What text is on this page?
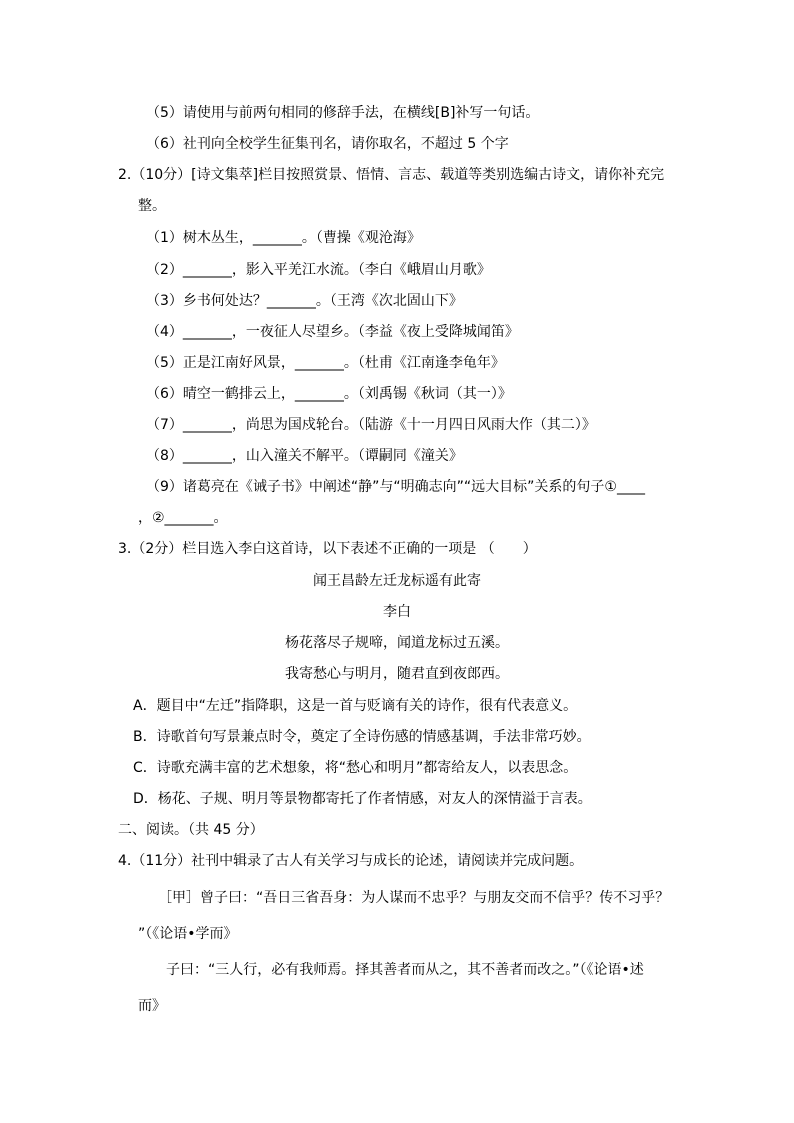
（5）请使用与前两句相同的修辞手法，在横线[B]补写一句话。
（6）社刊向全校学生征集刊名，请你取名，不超过 5 个字
2.（10分）[诗文集萃]栏目按照赏景、悟情、言志、载道等类别选编古诗文，请你补充完
整。
（1）树木丛生，_______。（曹操《观沧海》
（2）_______，影入平羌江水流。（李白《峨眉山月歌》
（3）乡书何处达？_______。（王湾《次北固山下》
（4）_______，一夜征人尽望乡。（李益《夜上受降城闻笛》
（5）正是江南好风景，_______。（杜甫《江南逢李龟年》
（6）晴空一鹤排云上，_______。（刘禹锡《秋词（其一）》
（7）_______，尚思为国戍轮台。（陆游《十一月四日风雨大作（其二）》
（8）_______，山入潼关不解平。（谭嗣同《潼关》
（9）诸葛亮在《诫子书》中阐述“静”与“明确志向”“远大目标”关系的句子①____
，②_______。
3.（2分）栏目选入李白这首诗，以下表述不正确的一项是 （　　）
闻王昌龄左迁龙标遥有此寄
李白
杨花落尽子规啼，闻道龙标过五溪。
我寄愁心与明月，随君直到夜郎西。
A．题目中“左迁”指降职，这是一首与贬谪有关的诗作，很有代表意义。
B．诗歌首句写景兼点时令，奠定了全诗伤感的情感基调，手法非常巧妙。
C．诗歌充满丰富的艺术想象，将“愁心和明月”都寄给友人，以表思念。
D．杨花、子规、明月等景物都寄托了作者情感，对友人的深情溢于言表。
二、阅读。（共 45 分）
4.（11分）社刊中辑录了古人有关学习与成长的论述，请阅读并完成问题。
［甲］曾子曰：“吾日三省吾身：为人谋而不忠乎？与朋友交而不信乎？传不习乎？
”（《论语•学而》
子曰：“三人行，必有我师焉。择其善者而从之，其不善者而改之。”（《论语•述
而》
